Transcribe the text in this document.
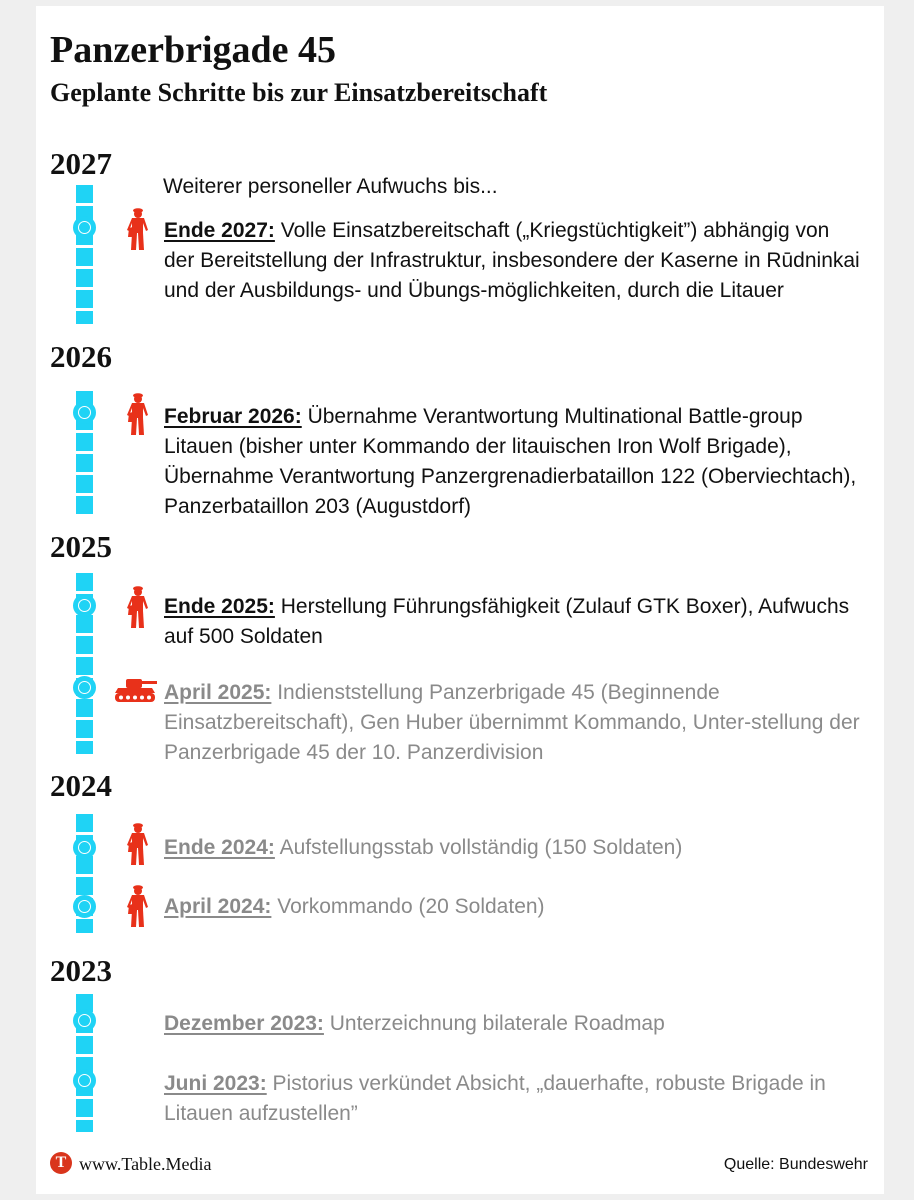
Panzerbrigade 45
Geplante Schritte bis zur Einsatzbereitschaft
2027
Weiterer personeller Aufwuchs bis...
Ende 2027: Volle Einsatzbereitschaft („Kriegstüchtigkeit”) abhängig von der Bereitstellung der Infrastruktur, insbesondere der Kaserne in Rūdninkai und der Ausbildungs- und Übungs-möglichkeiten, durch die Litauer
2026
Februar 2026: Übernahme Verantwortung Multinational Battle-group Litauen (bisher unter Kommando der litauischen Iron Wolf Brigade), Übernahme Verantwortung Panzergrenadierbataillon 122 (Oberviechtach), Panzerbataillon 203 (Augustdorf)
2025
Ende 2025: Herstellung Führungsfähigkeit (Zulauf GTK Boxer), Aufwuchs auf 500 Soldaten
April 2025: Indienststellung Panzerbrigade 45 (Beginnende Einsatzbereitschaft), Gen Huber übernimmt Kommando, Unter-stellung der Panzerbrigade 45 der 10. Panzerdivision
2024
Ende 2024: Aufstellungsstab vollständig (150 Soldaten)
April 2024: Vorkommando (20 Soldaten)
2023
Dezember 2023: Unterzeichnung bilaterale Roadmap
Juni 2023: Pistorius verkündet Absicht, „dauerhafte, robuste Brigade in Litauen aufzustellen”
T www.Table.Media	Quelle: Bundeswehr
